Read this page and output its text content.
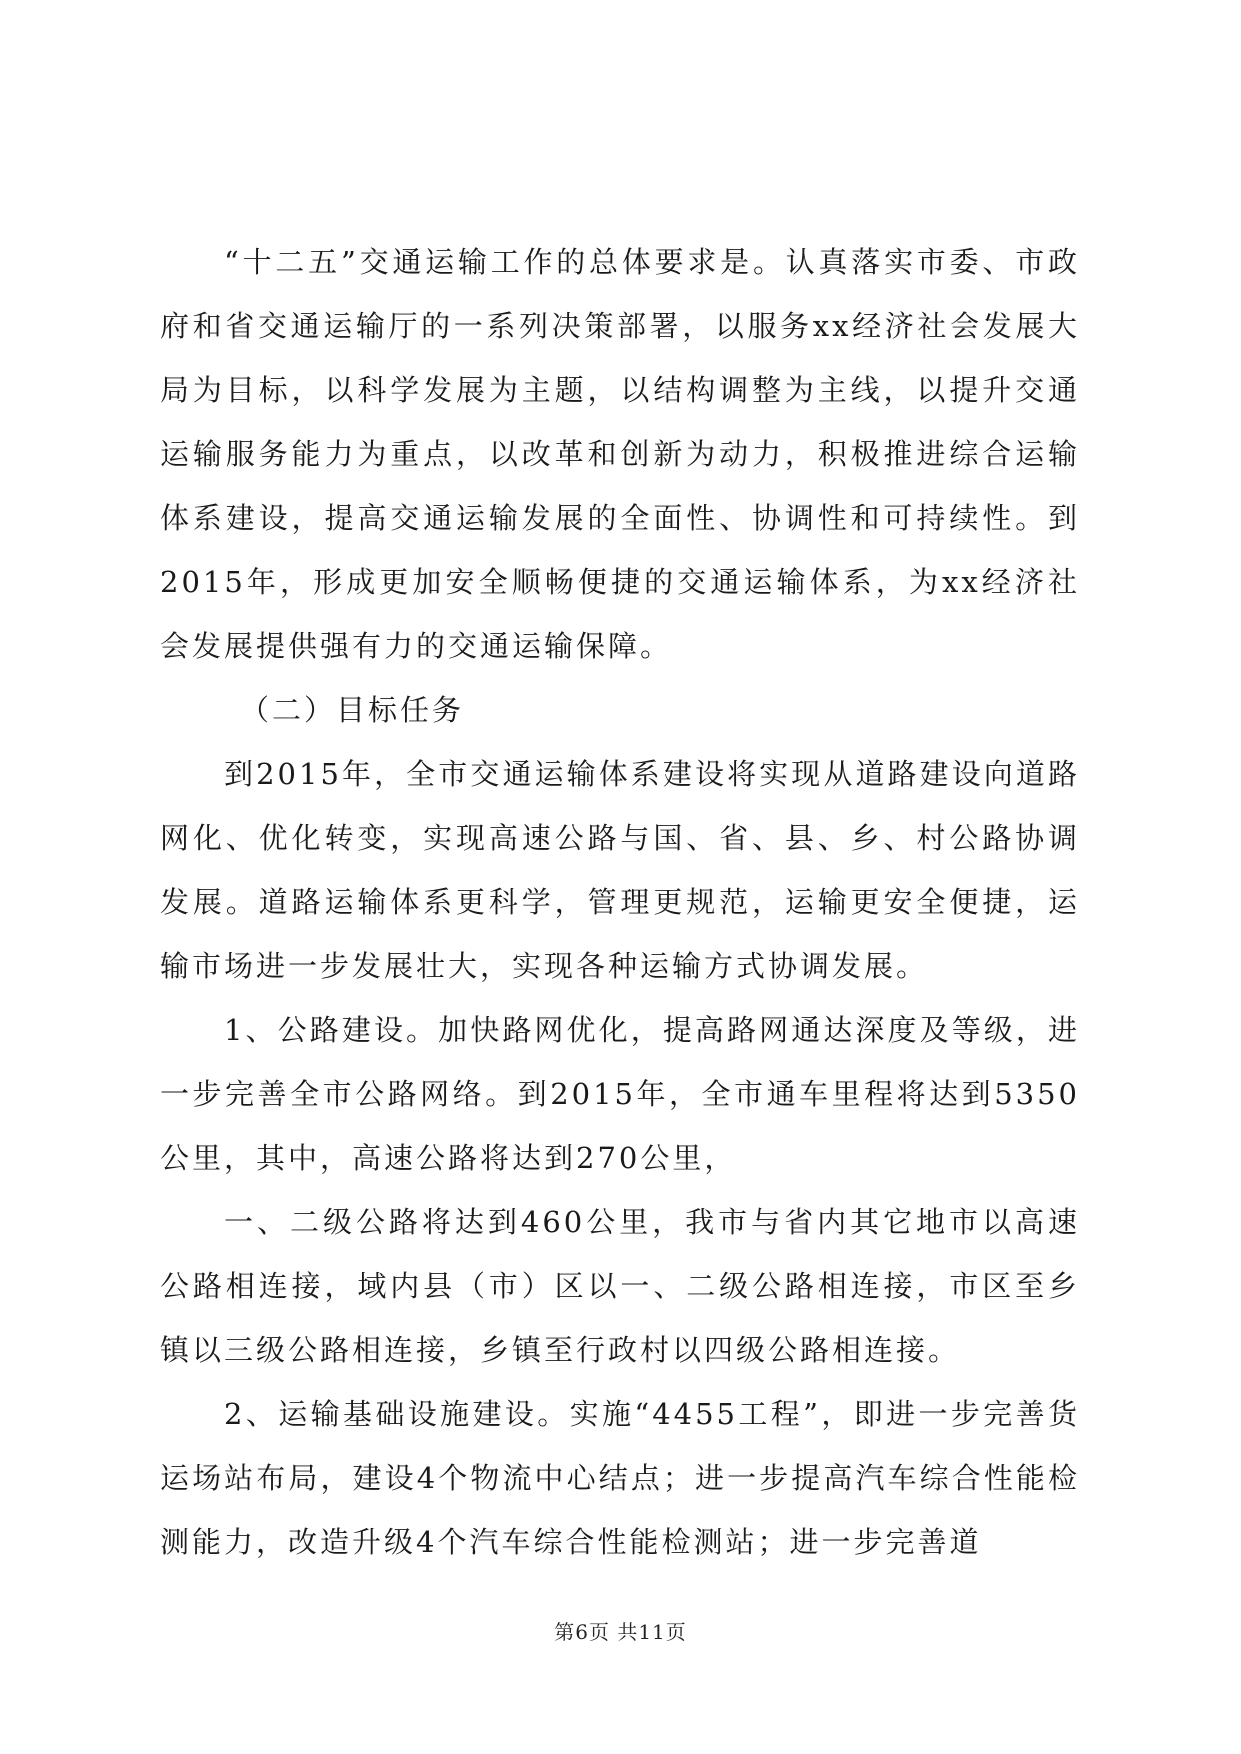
“十二五”交通运输工作的总体要求是。认真落实市委、市政府和省交通运输厅的一系列决策部署，以服务xx经济社会发展大局为目标，以科学发展为主题，以结构调整为主线，以提升交通运输服务能力为重点，以改革和创新为动力，积极推进综合运输体系建设，提高交通运输发展的全面性、协调性和可持续性。到2015年，形成更加安全顺畅便捷的交通运输体系，为xx经济社会发展提供强有力的交通运输保障。

（二）目标任务

到2015年，全市交通运输体系建设将实现从道路建设向道路网化、优化转变，实现高速公路与国、省、县、乡、村公路协调发展。道路运输体系更科学，管理更规范，运输更安全便捷，运输市场进一步发展壮大，实现各种运输方式协调发展。

1、公路建设。加快路网优化，提高路网通达深度及等级，进一步完善全市公路网络。到2015年，全市通车里程将达到5350公里，其中，高速公路将达到270公里，

一、二级公路将达到460公里，我市与省内其它地市以高速公路相连接，域内县（市）区以一、二级公路相连接，市区至乡镇以三级公路相连接，乡镇至行政村以四级公路相连接。

2、运输基础设施建设。实施“4455工程”，即进一步完善货运场站布局，建设4个物流中心结点；进一步提高汽车综合性能检测能力，改造升级4个汽车综合性能检测站；进一步完善道

第6页 共11页
